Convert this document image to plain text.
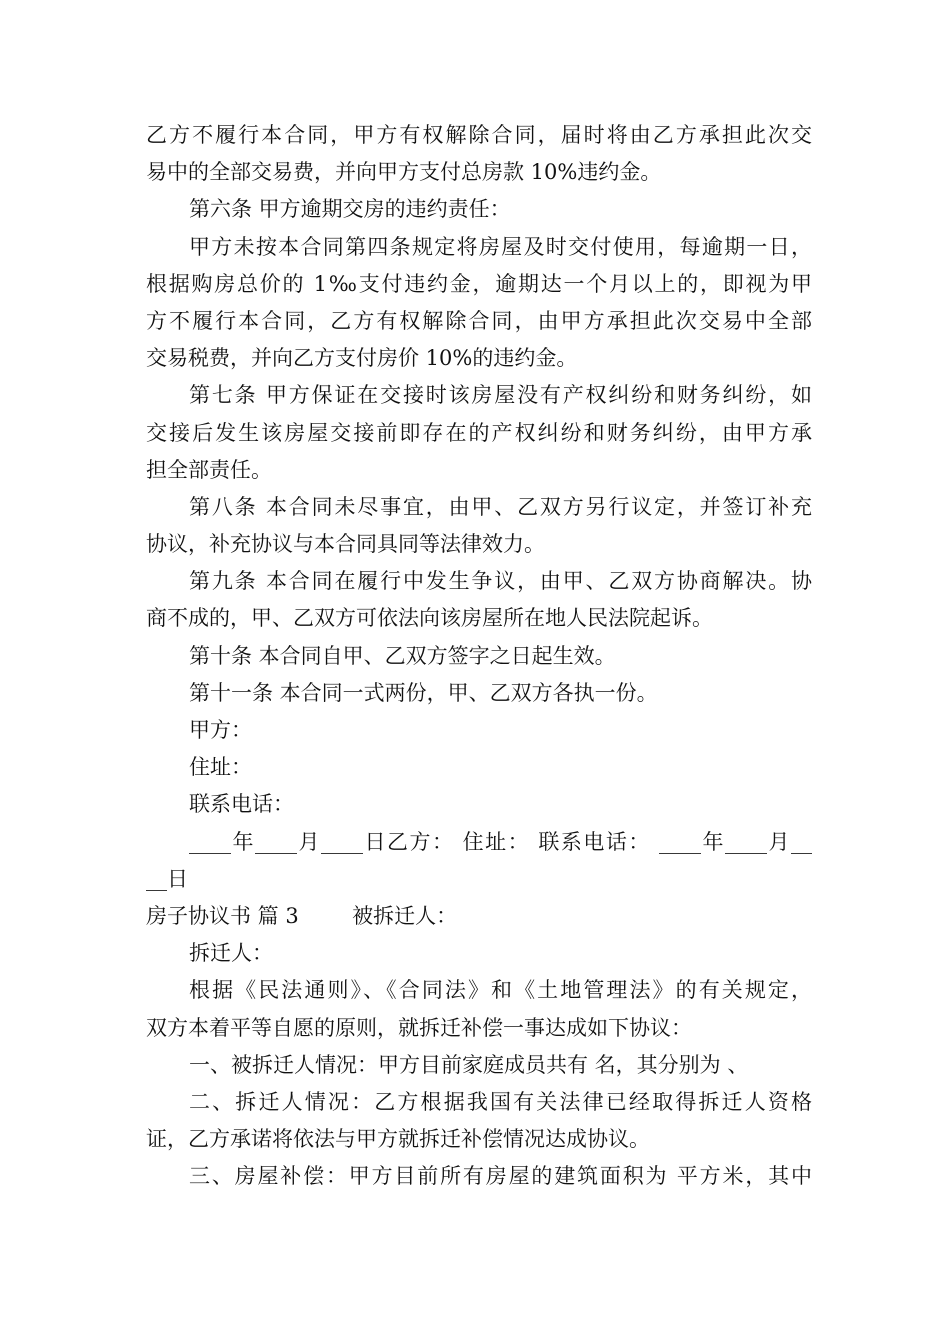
乙方不履行本合同，甲方有权解除合同，届时将由乙方承担此次交
易中的全部交易费，并向甲方支付总房款 10%违约金。
第六条 甲方逾期交房的违约责任：
甲方未按本合同第四条规定将房屋及时交付使用，每逾期一日，
根据购房总价的 1‰支付违约金，逾期达一个月以上的，即视为甲
方不履行本合同，乙方有权解除合同，由甲方承担此次交易中全部
交易税费，并向乙方支付房价 10%的违约金。
第七条 甲方保证在交接时该房屋没有产权纠纷和财务纠纷，如
交接后发生该房屋交接前即存在的产权纠纷和财务纠纷，由甲方承
担全部责任。
第八条 本合同未尽事宜，由甲、乙双方另行议定，并签订补充
协议，补充协议与本合同具同等法律效力。
第九条 本合同在履行中发生争议，由甲、乙双方协商解决。协
商不成的，甲、乙双方可依法向该房屋所在地人民法院起诉。
第十条 本合同自甲、乙双方签字之日起生效。
第十一条 本合同一式两份，甲、乙双方各执一份。
甲方：
住址：
联系电话：
____年____月____日乙方： 住址： 联系电话： ____年____月__
__日
房子协议书 篇 3        被拆迁人：
拆迁人：
根据《民法通则》、《合同法》和《土地管理法》的有关规定，
双方本着平等自愿的原则，就拆迁补偿一事达成如下协议：
一、被拆迁人情况：甲方目前家庭成员共有 名，其分别为 、
二、拆迁人情况：乙方根据我国有关法律已经取得拆迁人资格
证，乙方承诺将依法与甲方就拆迁补偿情况达成协议。
三、房屋补偿：甲方目前所有房屋的建筑面积为 平方米，其中
